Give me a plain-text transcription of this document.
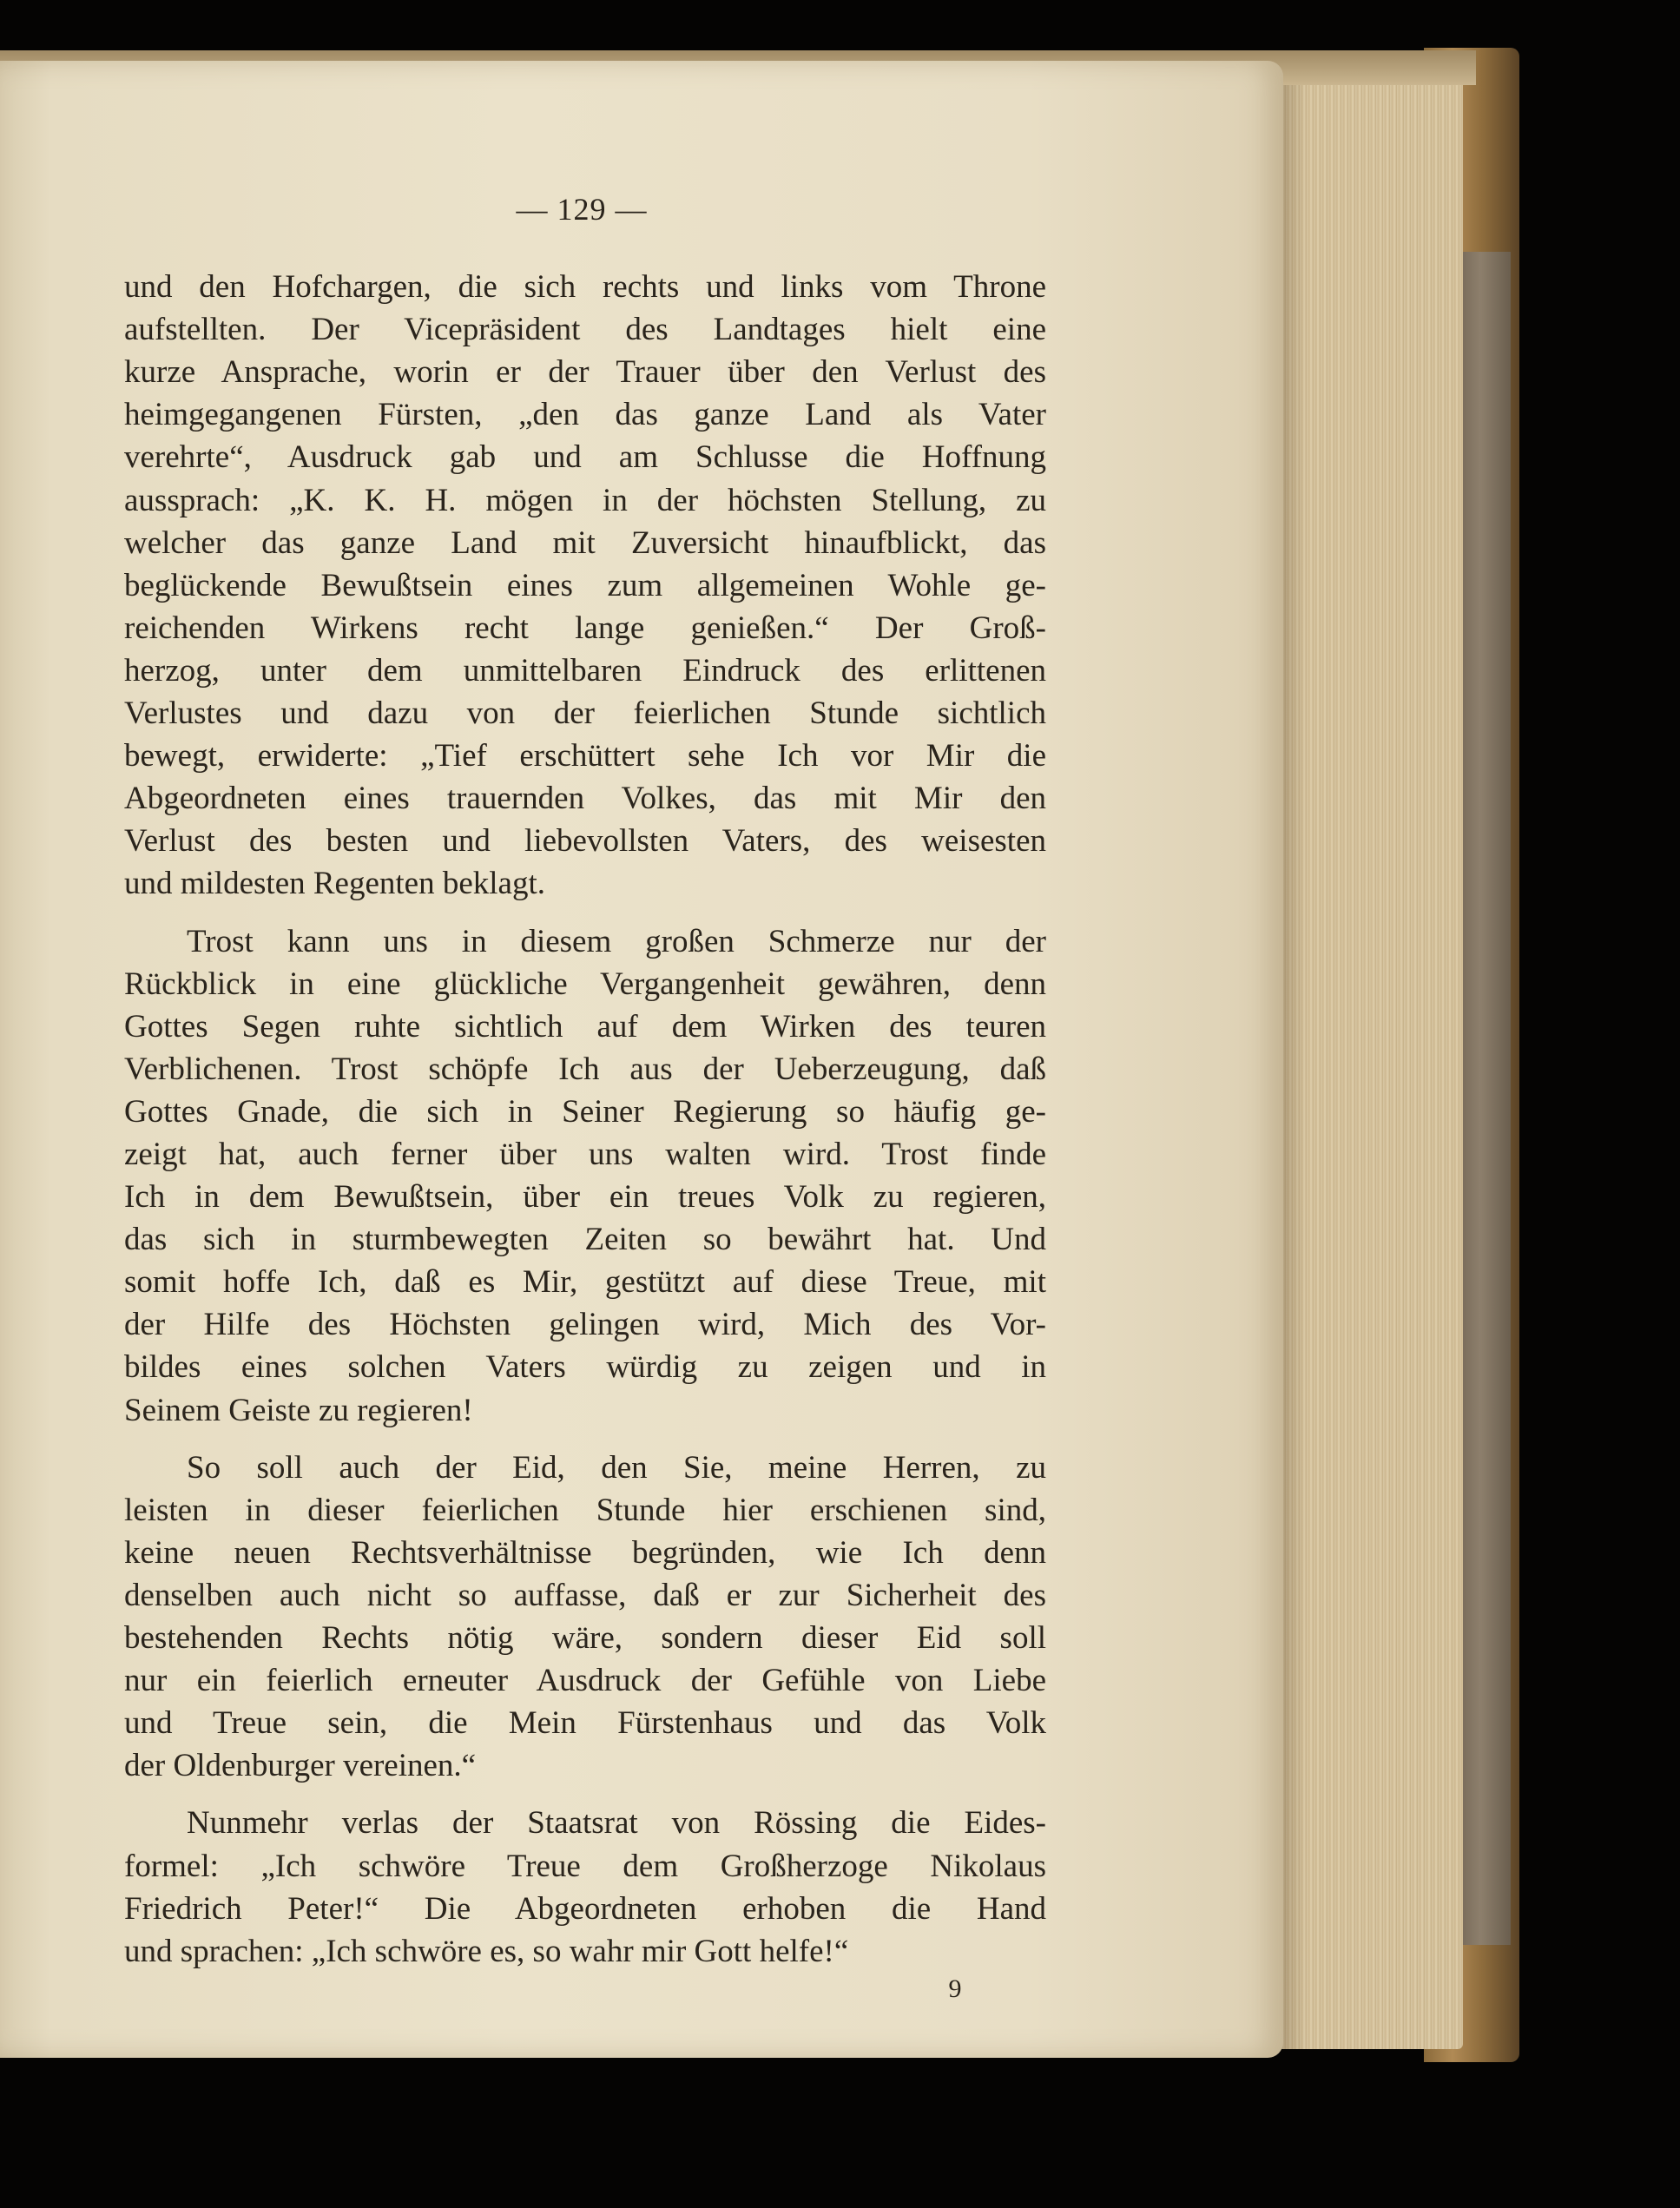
— 129 —
und den Hofchargen, die sich rechts und links vom Throne
aufstellten. Der Vicepräsident des Landtages hielt eine
kurze Ansprache, worin er der Trauer über den Verlust des
heimgegangenen Fürsten, „den das ganze Land als Vater
verehrte“, Ausdruck gab und am Schlusse die Hoffnung
aussprach: „K. K. H. mögen in der höchsten Stellung, zu
welcher das ganze Land mit Zuversicht hinaufblickt, das
beglückende Bewußtsein eines zum allgemeinen Wohle ge-
reichenden Wirkens recht lange genießen.“ Der Groß-
herzog, unter dem unmittelbaren Eindruck des erlittenen
Verlustes und dazu von der feierlichen Stunde sichtlich
bewegt, erwiderte: „Tief erschüttert sehe Ich vor Mir die
Abgeordneten eines trauernden Volkes, das mit Mir den
Verlust des besten und liebevollsten Vaters, des weisesten
und mildesten Regenten beklagt.
Trost kann uns in diesem großen Schmerze nur der
Rückblick in eine glückliche Vergangenheit gewähren, denn
Gottes Segen ruhte sichtlich auf dem Wirken des teuren
Verblichenen. Trost schöpfe Ich aus der Ueberzeugung, daß
Gottes Gnade, die sich in Seiner Regierung so häufig ge-
zeigt hat, auch ferner über uns walten wird. Trost finde
Ich in dem Bewußtsein, über ein treues Volk zu regieren,
das sich in sturmbewegten Zeiten so bewährt hat. Und
somit hoffe Ich, daß es Mir, gestützt auf diese Treue, mit
der Hilfe des Höchsten gelingen wird, Mich des Vor-
bildes eines solchen Vaters würdig zu zeigen und in
Seinem Geiste zu regieren!
So soll auch der Eid, den Sie, meine Herren, zu
leisten in dieser feierlichen Stunde hier erschienen sind,
keine neuen Rechtsverhältnisse begründen, wie Ich denn
denselben auch nicht so auffasse, daß er zur Sicherheit des
bestehenden Rechts nötig wäre, sondern dieser Eid soll
nur ein feierlich erneuter Ausdruck der Gefühle von Liebe
und Treue sein, die Mein Fürstenhaus und das Volk
der Oldenburger vereinen.“
Nunmehr verlas der Staatsrat von Rössing die Eides-
formel: „Ich schwöre Treue dem Großherzoge Nikolaus
Friedrich Peter!“ Die Abgeordneten erhoben die Hand
und sprachen: „Ich schwöre es, so wahr mir Gott helfe!“
9
